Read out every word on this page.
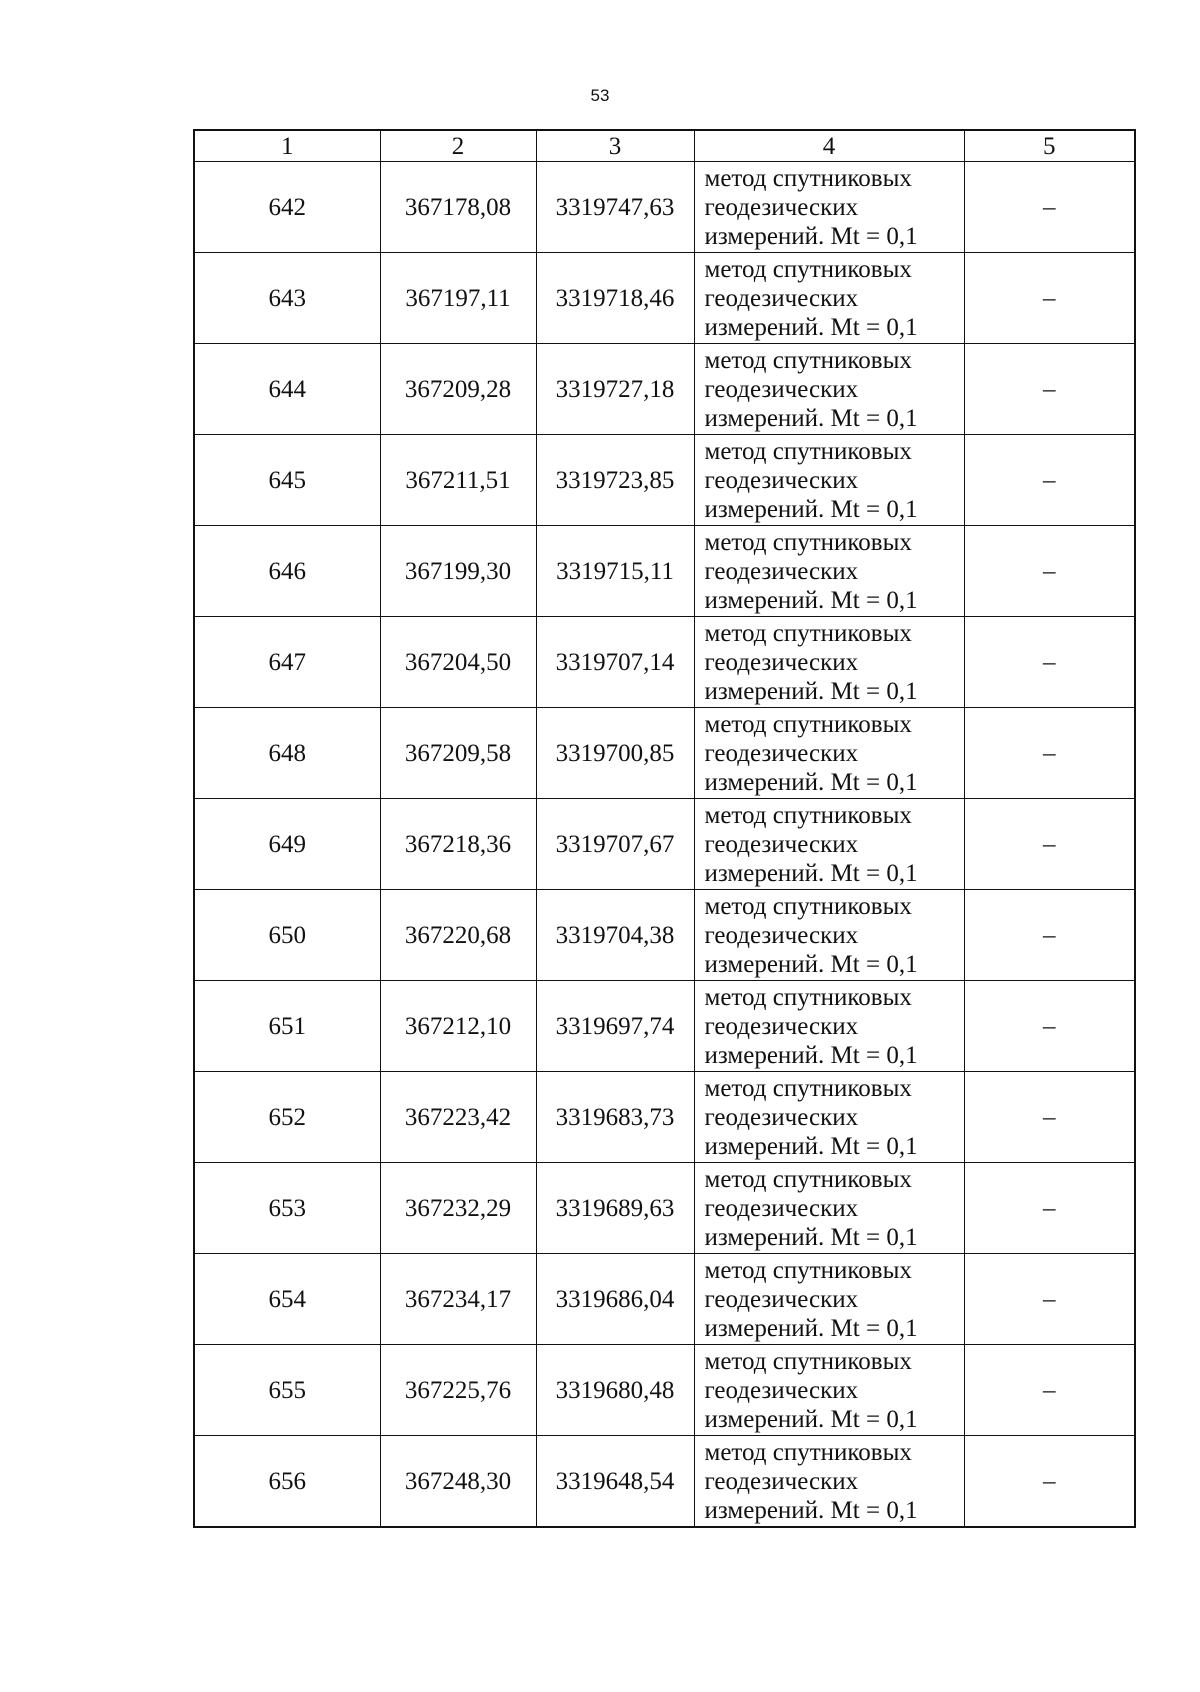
53
1	2	3	4	5
642	367178,08	3319747,63	метод спутниковых
геодезических
измерений. Mt = 0,1	–
643	367197,11	3319718,46	метод спутниковых
геодезических
измерений. Mt = 0,1	–
644	367209,28	3319727,18	метод спутниковых
геодезических
измерений. Mt = 0,1	–
645	367211,51	3319723,85	метод спутниковых
геодезических
измерений. Mt = 0,1	–
646	367199,30	3319715,11	метод спутниковых
геодезических
измерений. Mt = 0,1	–
647	367204,50	3319707,14	метод спутниковых
геодезических
измерений. Mt = 0,1	–
648	367209,58	3319700,85	метод спутниковых
геодезических
измерений. Mt = 0,1	–
649	367218,36	3319707,67	метод спутниковых
геодезических
измерений. Mt = 0,1	–
650	367220,68	3319704,38	метод спутниковых
геодезических
измерений. Mt = 0,1	–
651	367212,10	3319697,74	метод спутниковых
геодезических
измерений. Mt = 0,1	–
652	367223,42	3319683,73	метод спутниковых
геодезических
измерений. Mt = 0,1	–
653	367232,29	3319689,63	метод спутниковых
геодезических
измерений. Mt = 0,1	–
654	367234,17	3319686,04	метод спутниковых
геодезических
измерений. Mt = 0,1	–
655	367225,76	3319680,48	метод спутниковых
геодезических
измерений. Mt = 0,1	–
656	367248,30	3319648,54	метод спутниковых
геодезических
измерений. Mt = 0,1	–
